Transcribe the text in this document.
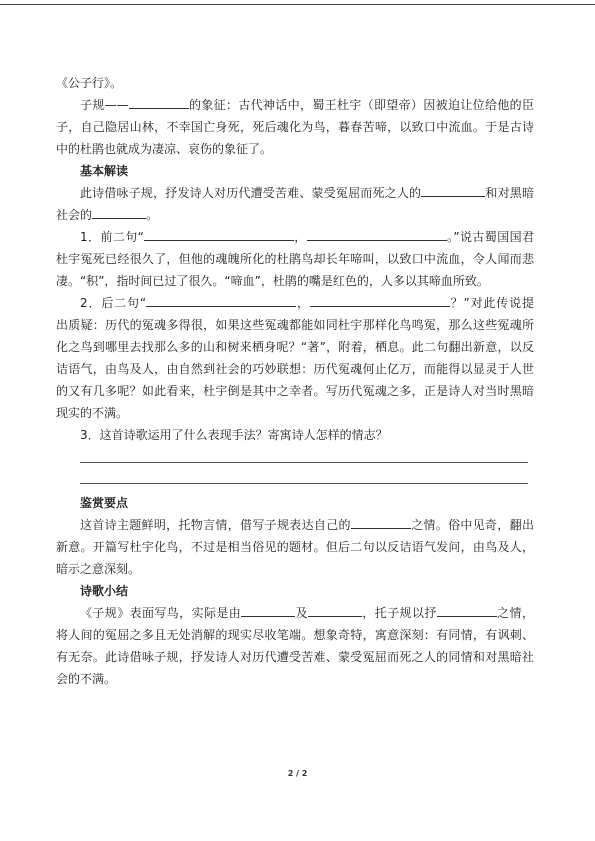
《公子行》。

子规——	的象征：古代神话中，蜀王杜宇（即望帝）因被迫让位给他的臣子，自己隐居山林，不幸国亡身死，死后魂化为鸟，暮春苦啼，以致口中流血。于是古诗中的杜鹃也就成为凄凉、哀伤的象征了。

基本解读

此诗借咏子规，抒发诗人对历代遭受苦难、蒙受冤屈而死之人的	和对黑暗社会的	。

1．前二句“	，	。”说古蜀国国君杜宇冤死已经很久了，但他的魂魄所化的杜鹃鸟却长年啼叫，以致口中流血，令人闻而悲凄。“积”，指时间已过了很久。“啼血”，杜鹃的嘴是红色的，人多以其啼血所致。

2．后二句“	，	？”对此传说提出质疑：历代的冤魂多得很，如果这些冤魂都能如同杜宇那样化鸟鸣冤，那么这些冤魂所化之鸟到哪里去找那么多的山和树来栖身呢？“著”，附着，栖息。此二句翻出新意，以反诘语气，由鸟及人，由自然到社会的巧妙联想：历代冤魂何止亿万，而能得以显灵于人世的又有几多呢？如此看来，杜宇倒是其中之幸者。写历代冤魂之多，正是诗人对当时黑暗现实的不满。

3．这首诗歌运用了什么表现手法？寄寓诗人怎样的情志？

鉴赏要点

这首诗主题鲜明，托物言情，借写子规表达自己的	之情。俗中见奇，翻出新意。开篇写杜宇化鸟，不过是相当俗见的题材。但后二句以反诘语气发问，由鸟及人，暗示之意深刻。

诗歌小结

《子规》表面写鸟，实际是由	及	，托子规以抒	之情，将人间的冤屈之多且无处消解的现实尽收笔端。想象奇特，寓意深刻：有同情，有讽刺、有无奈。此诗借咏子规，抒发诗人对历代遭受苦难、蒙受冤屈而死之人的同情和对黑暗社会的不满。

2 / 2
